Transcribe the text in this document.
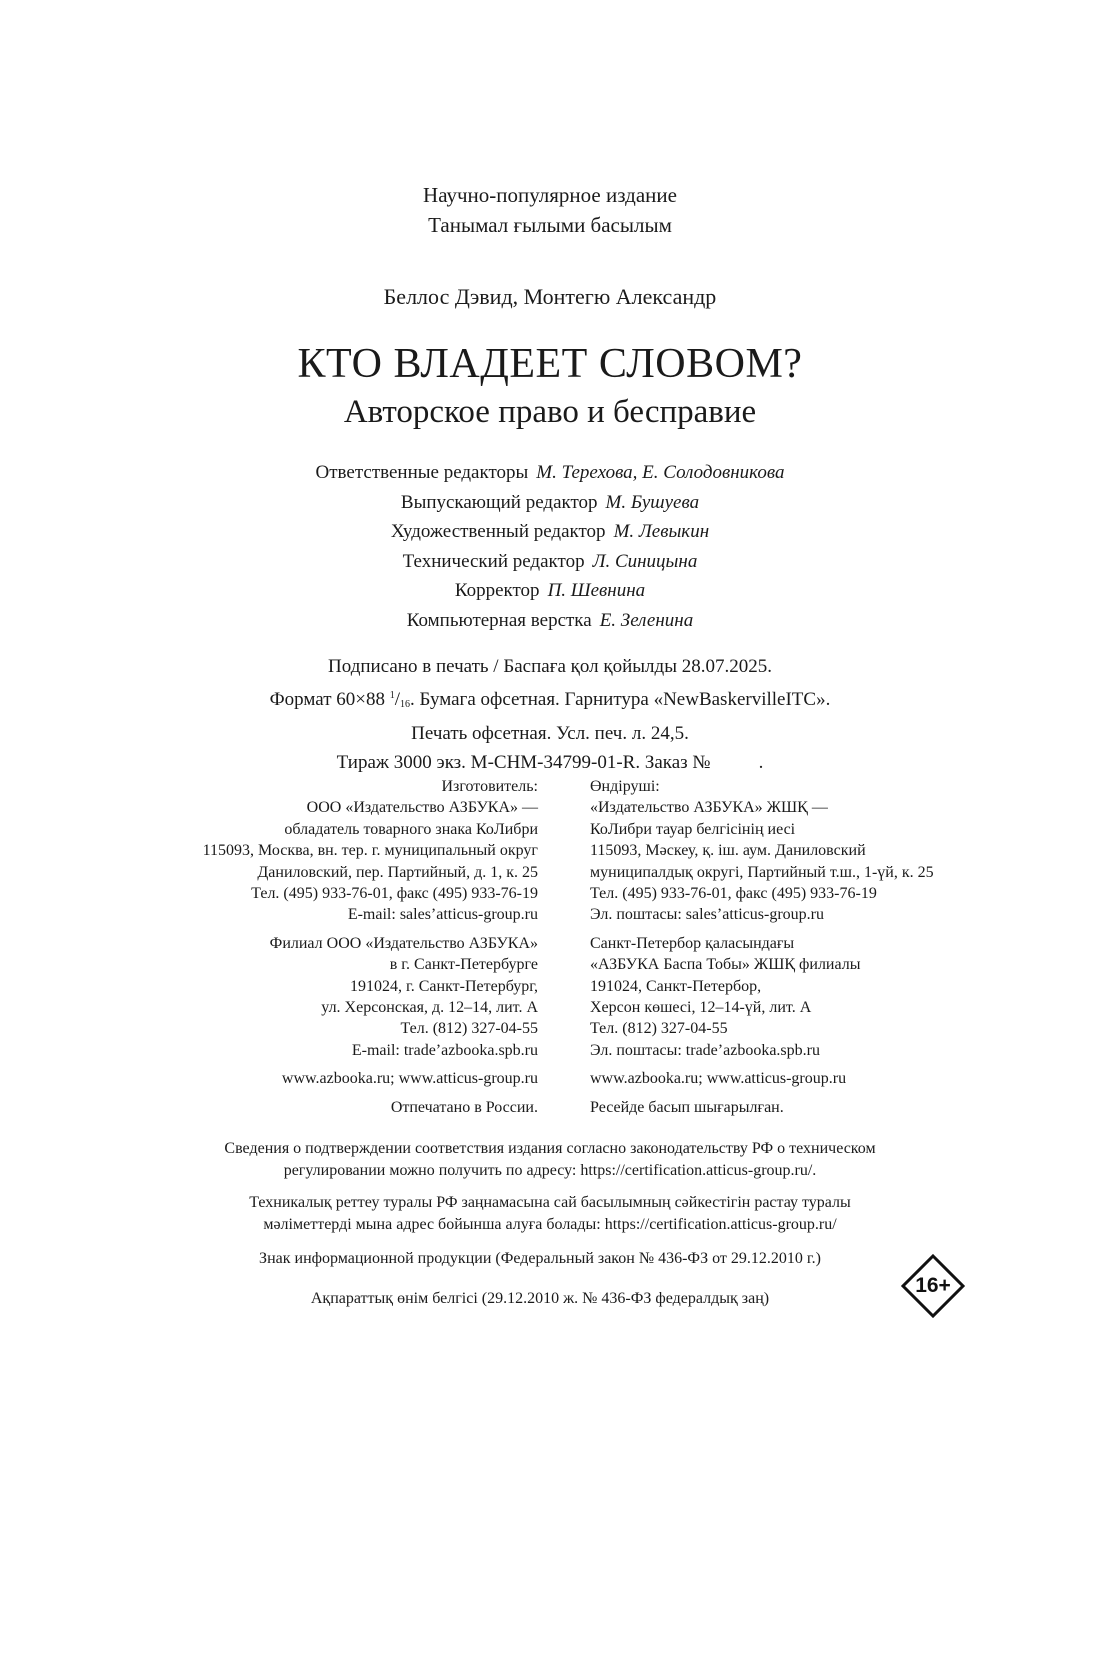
Научно-популярное издание
Танымал ғылыми басылым
Беллос Дэвид, Монтегю Александр
КТО ВЛАДЕЕТ СЛОВОМ?
Авторское право и бесправие
Ответственные редакторы М. Терехова, Е. Солодовникова
Выпускающий редактор М. Бушуева
Художественный редактор М. Левыкин
Технический редактор Л. Синицына
Корректор П. Шевнина
Компьютерная верстка Е. Зеленина
Подписано в печать / Баспаға қол қойылды 28.07.2025.
Формат 60×88 $^1/_{16}$. Бумага офсетная. Гарнитура «NewBaskervilleITC».
Печать офсетная. Усл. печ. л. 24,5.
Тираж 3000 экз. M-CHM-34799-01-R. Заказ №	.
Изготовитель:
ООО «Издательство АЗБУКА» —
обладатель товарного знака КоЛибри
115093, Москва, вн. тер. г. муниципальный округ
Даниловский, пер. Партийный, д. 1, к. 25
Тел. (495) 933-76-01, факс (495) 933-76-19
E-mail: sales’atticus-group.ru
Филиал ООО «Издательство АЗБУКА»
в г. Санкт-Петербурге
191024, г. Санкт-Петербург,
ул. Херсонская, д. 12–14, лит. А
Тел. (812) 327-04-55
E-mail: trade’azbooka.spb.ru
www.azbooka.ru; www.atticus-group.ru
Отпечатано в России.
Өндіруші:
«Издательство АЗБУКА» ЖШҚ —
КоЛибри тауар белгісінің иесі
115093, Мәскеу, қ. іш. аум. Даниловский
муниципалдық округі, Партийный т.ш., 1-үй, к. 25
Тел. (495) 933-76-01, факс (495) 933-76-19
Эл. поштасы: sales’atticus-group.ru
Санкт-Петербор қаласындағы
«АЗБУКА Баспа Тобы» ЖШҚ филиалы
191024, Санкт-Петербор,
Херсон көшесі, 12–14-үй, лит. А
Тел. (812) 327-04-55
Эл. поштасы: trade’azbooka.spb.ru
www.azbooka.ru; www.atticus-group.ru
Ресейде басып шығарылған.

Сведения о подтверждении соответствия издания согласно законодательству РФ о техническом
регулировании можно получить по адресу: https://certification.atticus-group.ru/.

Техникалық реттеу туралы РФ заңнамасына сай басылымның сәйкестігін растау туралы
мәліметтерді мына адрес бойынша алуға болады: https://certification.atticus-group.ru/

Знак информационной продукции (Федеральный закон № 436-ФЗ от 29.12.2010 г.)
Ақпараттық өнім белгісі (29.12.2010 ж. № 436-ФЗ федералдық заң)
16+
